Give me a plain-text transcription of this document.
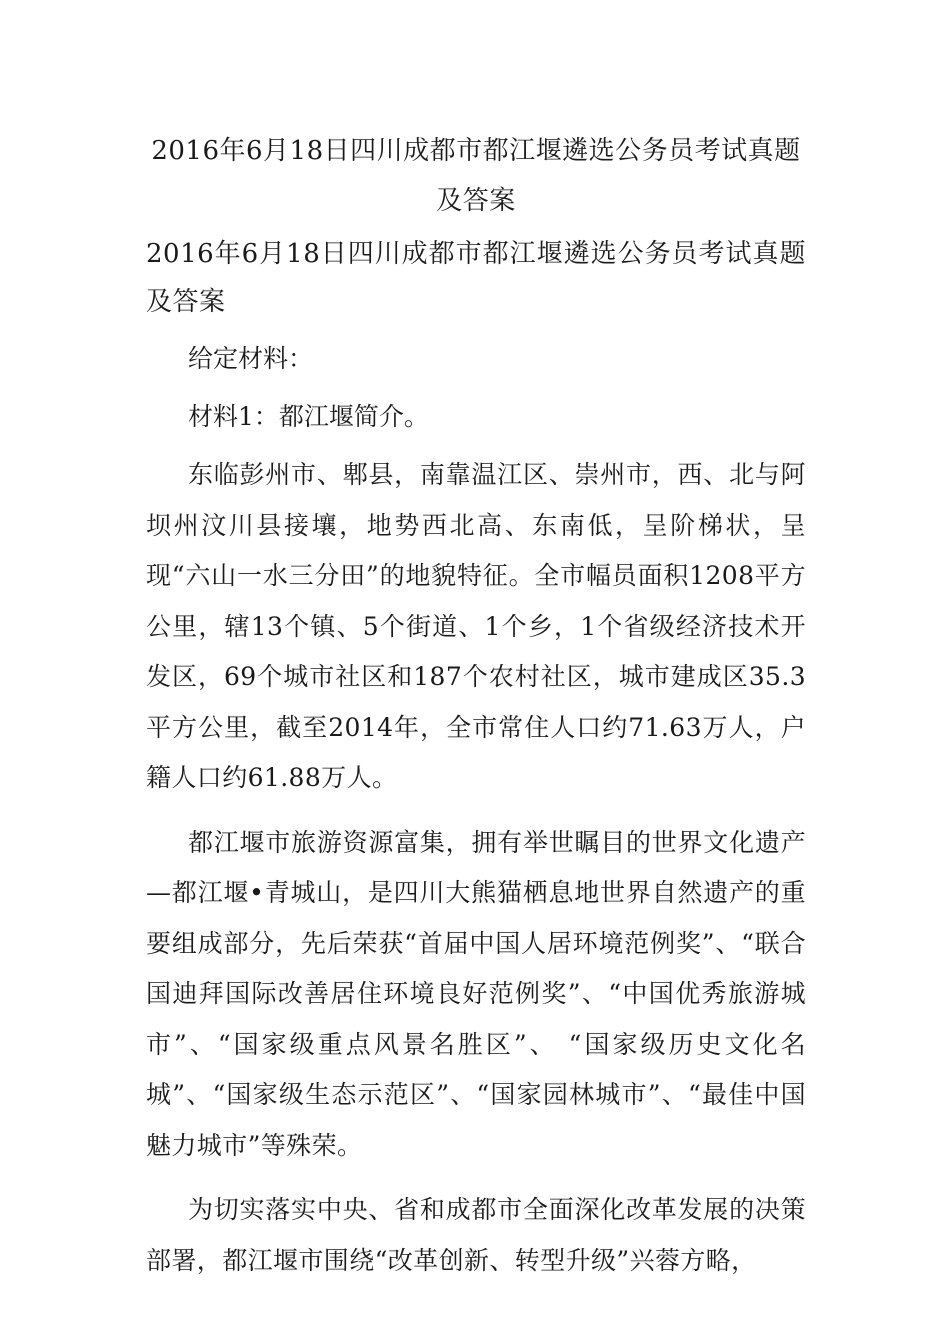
2016年6月18日四川成都市都江堰遴选公务员考试真题及答案
2016年6月18日四川成都市都江堰遴选公务员考试真题及答案

给定材料：

材料1：都江堰简介。

东临彭州市、郫县，南靠温江区、崇州市，西、北与阿坝州汶川县接壤，地势西北高、东南低，呈阶梯状，呈现“六山一水三分田”的地貌特征。全市幅员面积1208平方公里，辖13个镇、5个街道、1个乡，1个省级经济技术开发区，69个城市社区和187个农村社区，城市建成区35.3平方公里，截至2014年，全市常住人口约71.63万人，户籍人口约61.88万人。

都江堰市旅游资源富集，拥有举世瞩目的世界文化遗产—都江堰•青城山，是四川大熊猫栖息地世界自然遗产的重要组成部分，先后荣获“首届中国人居环境范例奖”、“联合国迪拜国际改善居住环境良好范例奖”、“中国优秀旅游城市”、“国家级重点风景名胜区”、 “国家级历史文化名城”、“国家级生态示范区”、“国家园林城市”、“最佳中国魅力城市”等殊荣。

为切实落实中央、省和成都市全面深化改革发展的决策部署，都江堰市围绕“改革创新、转型升级”兴蓉方略，
